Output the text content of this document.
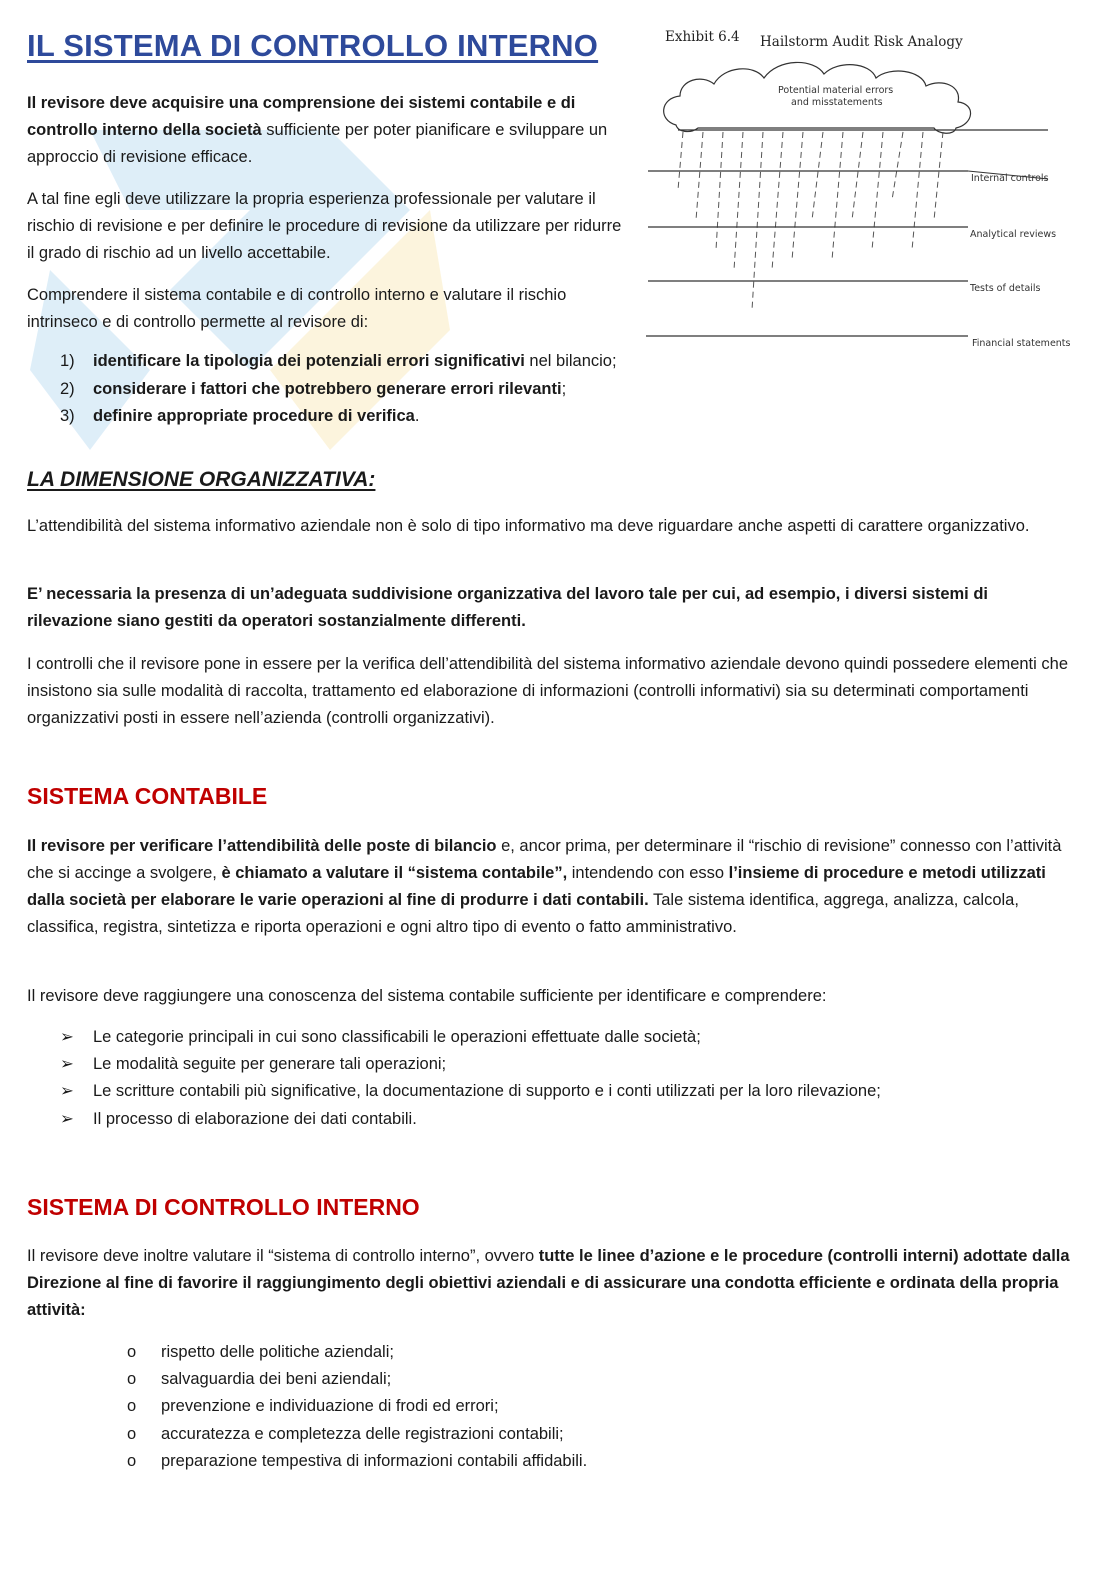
IL SISTEMA DI CONTROLLO INTERNO

Il revisore deve acquisire una comprensione dei sistemi contabile e di controllo interno della società sufficiente per poter pianificare e sviluppare un approccio di revisione efficace.

A tal fine egli deve utilizzare la propria esperienza professionale per valutare il rischio di revisione e per definire le procedure di revisione da utilizzare per ridurre il grado di rischio ad un livello accettabile.

Comprendere il sistema contabile e di controllo interno e valutare il rischio intrinseco e di controllo permette al revisore di:

1)	identificare la tipologia dei potenziali errori significativi nel bilancio;
2)	considerare i fattori che potrebbero generare errori rilevanti;
3)	definire appropriate procedure di verifica.
Exhibit 6.4 Hailstorm Audit Risk Analogy
Potential material errors
and misstatements
Internal controls
Analytical reviews
Tests of details
Financial statements
LA DIMENSIONE ORGANIZZATIVA:

L’attendibilità del sistema informativo aziendale non è solo di tipo informativo ma deve riguardare anche aspetti di carattere organizzativo.

E’ necessaria la presenza di un’adeguata suddivisione organizzativa del lavoro tale per cui, ad esempio, i diversi sistemi di rilevazione siano gestiti da operatori sostanzialmente differenti.

I controlli che il revisore pone in essere per la verifica dell’attendibilità del sistema informativo aziendale devono quindi possedere elementi che insistono sia sulle modalità di raccolta, trattamento ed elaborazione di informazioni (controlli informativi) sia su determinati comportamenti organizzativi posti in essere nell’azienda (controlli organizzativi).

SISTEMA CONTABILE

Il revisore per verificare l’attendibilità delle poste di bilancio e, ancor prima, per determinare il “rischio di revisione” connesso con l’attività che si accinge a svolgere, è chiamato a valutare il “sistema contabile”, intendendo con esso l’insieme di procedure e metodi utilizzati dalla società per elaborare le varie operazioni al fine di produrre i dati contabili. Tale sistema identifica, aggrega, analizza, calcola, classifica, registra, sintetizza e riporta operazioni e ogni altro tipo di evento o fatto amministrativo.

Il revisore deve raggiungere una conoscenza del sistema contabile sufficiente per identificare e comprendere:

➢	Le categorie principali in cui sono classificabili le operazioni effettuate dalle società;
➢	Le modalità seguite per generare tali operazioni;
➢	Le scritture contabili più significative, la documentazione di supporto e i conti utilizzati per la loro rilevazione;
➢	Il processo di elaborazione dei dati contabili.
SISTEMA DI CONTROLLO INTERNO

Il revisore deve inoltre valutare il “sistema di controllo interno”, ovvero tutte le linee d’azione e le procedure (controlli interni) adottate dalla Direzione al fine di favorire il raggiungimento degli obiettivi aziendali e di assicurare una condotta efficiente e ordinata della propria attività:

o	rispetto delle politiche aziendali;
o	salvaguardia dei beni aziendali;
o	prevenzione e individuazione di frodi ed errori;
o	accuratezza e completezza delle registrazioni contabili;
o	preparazione tempestiva di informazioni contabili affidabili.
